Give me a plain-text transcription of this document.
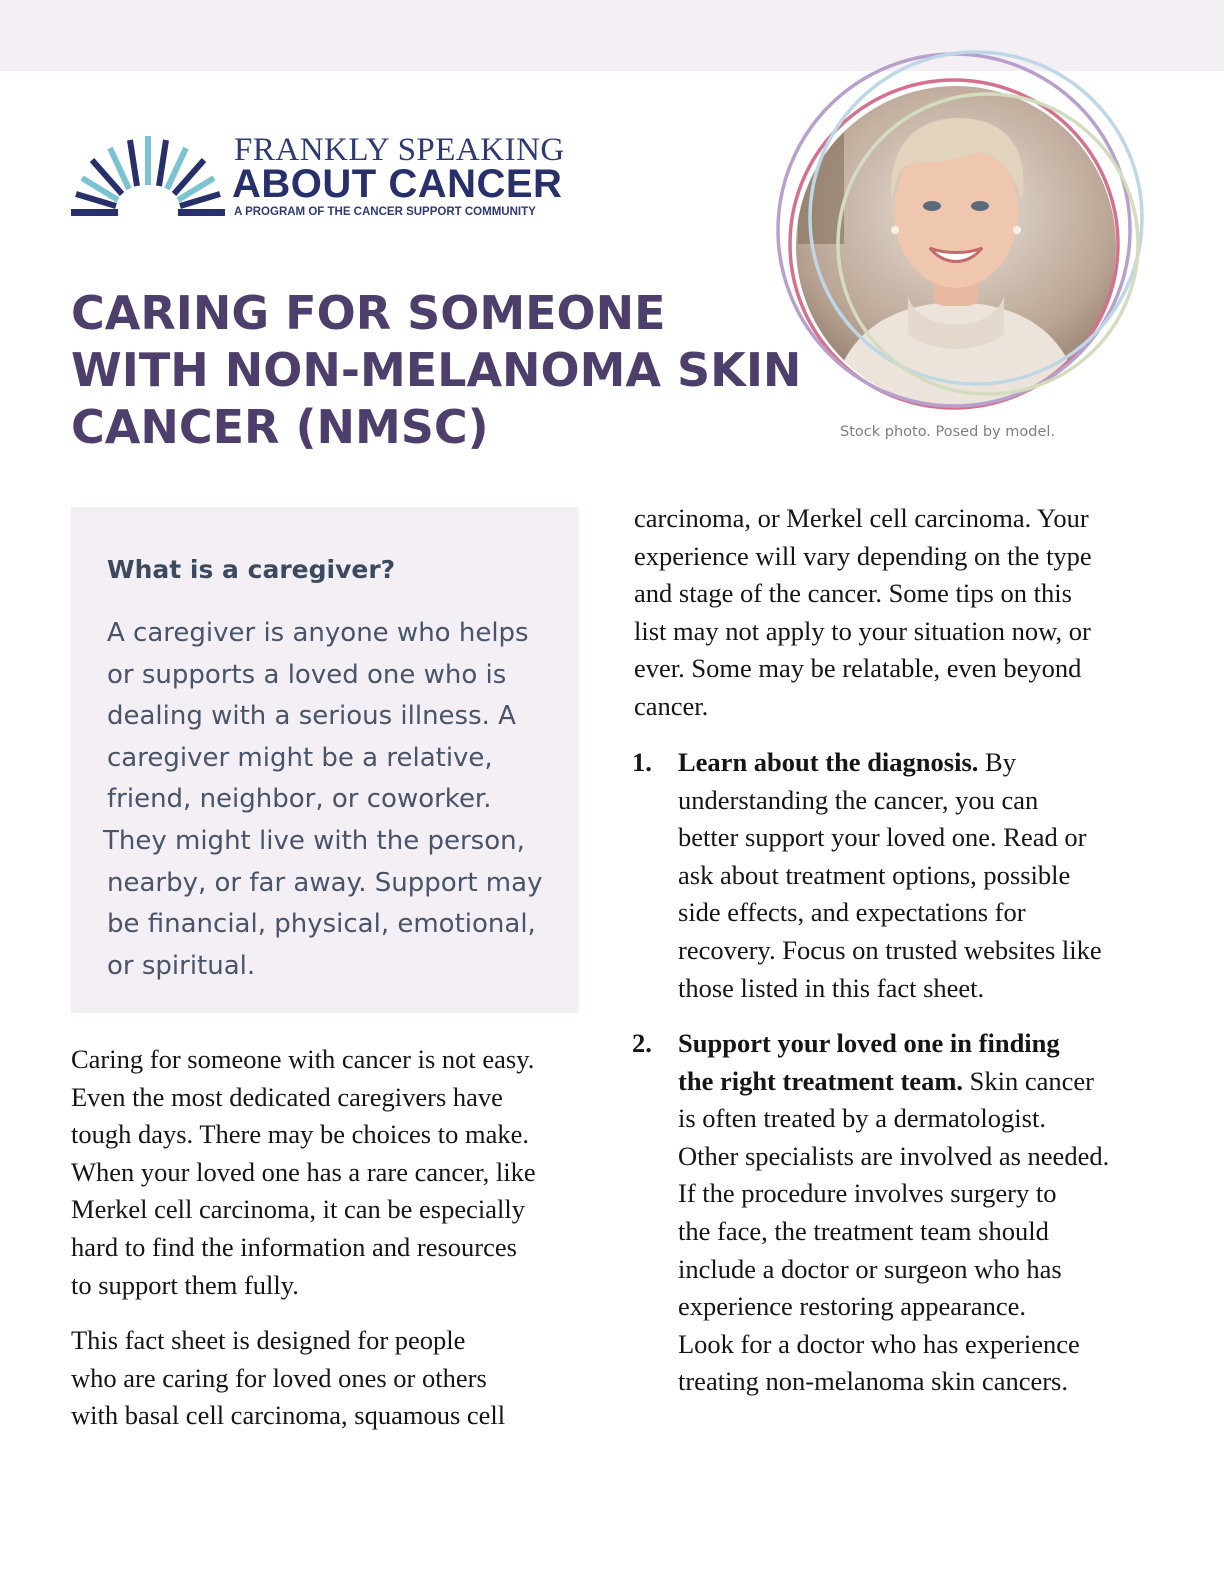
FRANKLY SPEAKING
ABOUT CANCER
A PROGRAM OF THE CANCER SUPPORT COMMUNITY
CARING FOR SOMEONE
WITH NON-MELANOMA SKIN
CANCER (NMSC)	Stock photo. Posed by model.
What is a caregiver?
A caregiver is anyone who helps
or supports a loved one who is
dealing with a serious illness. A
caregiver might be a relative,
friend, neighbor, or coworker.
They might live with the person,
nearby, or far away. Support may
be financial, physical, emotional,
or spiritual.
Caring for someone with cancer is not easy.
Even the most dedicated caregivers have
tough days. There may be choices to make.
When your loved one has a rare cancer, like
Merkel cell carcinoma, it can be especially
hard to find the information and resources
to support them fully.
This fact sheet is designed for people
who are caring for loved ones or others
with basal cell carcinoma, squamous cell
carcinoma, or Merkel cell carcinoma. Your
experience will vary depending on the type
and stage of the cancer. Some tips on this
list may not apply to your situation now, or
ever. Some may be relatable, even beyond
cancer.
1. Learn about the diagnosis. By
understanding the cancer, you can
better support your loved one. Read or
ask about treatment options, possible
side effects, and expectations for
recovery. Focus on trusted websites like
those listed in this fact sheet.
2. Support your loved one in finding
the right treatment team. Skin cancer
is often treated by a dermatologist.
Other specialists are involved as needed.
If the procedure involves surgery to
the face, the treatment team should
include a doctor or surgeon who has
experience restoring appearance.
Look for a doctor who has experience
treating non-melanoma skin cancers.
